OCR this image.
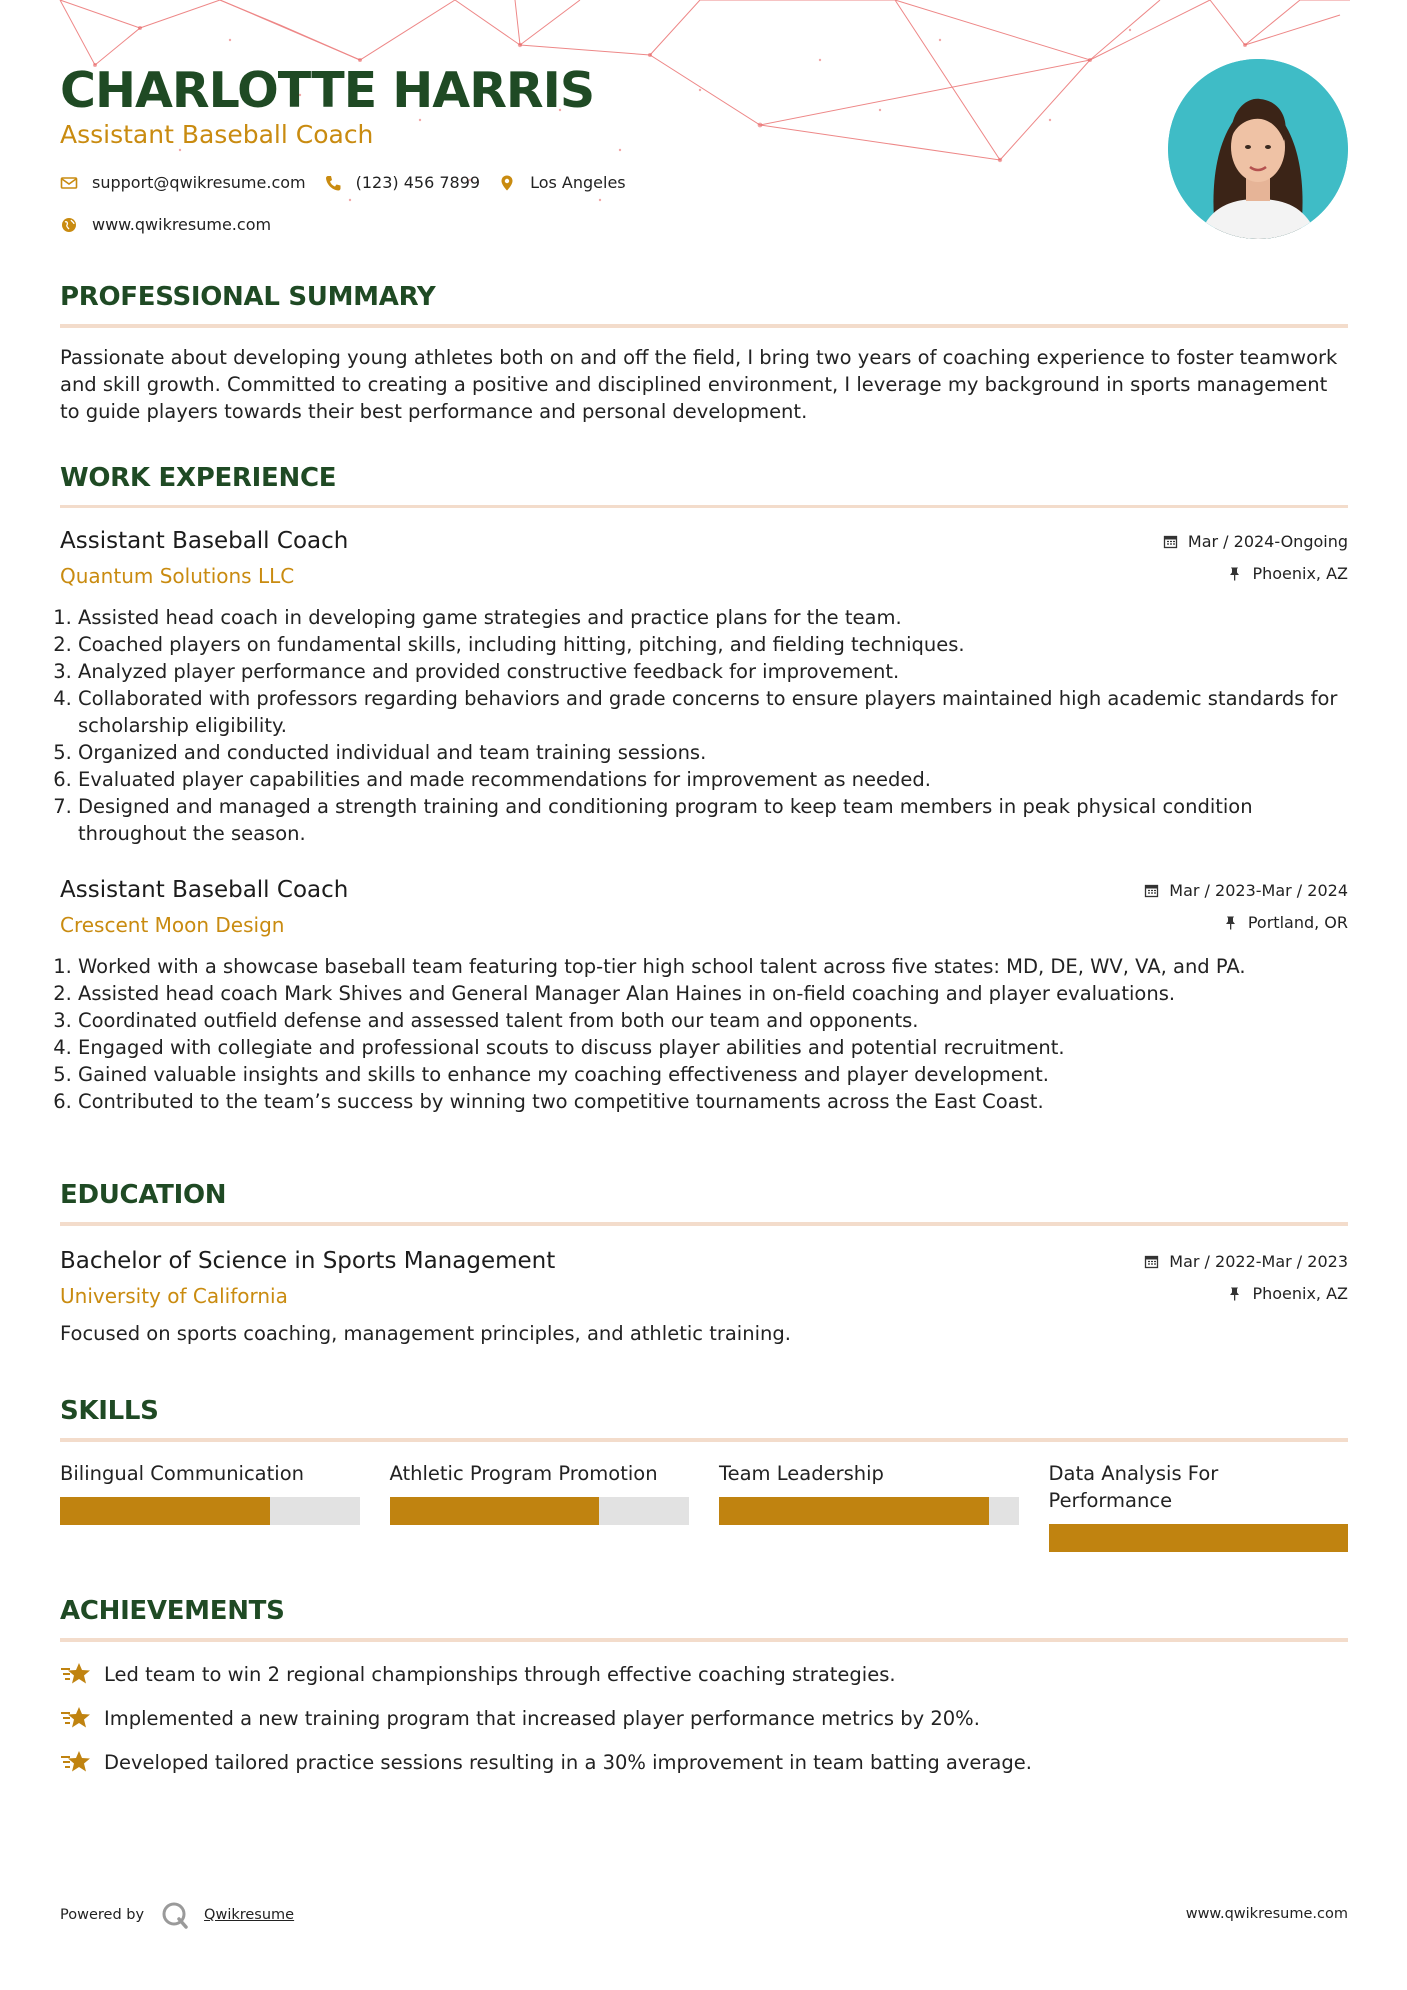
CHARLOTTE HARRIS
Assistant Baseball Coach
support@qwikresume.com	(123) 456 7899	Los Angeles
www.qwikresume.com
PROFESSIONAL SUMMARY

Passionate about developing young athletes both on and off the field, I bring two years of coaching experience to foster teamwork and skill growth. Committed to creating a positive and disciplined environment, I leverage my background in sports management to guide players towards their best performance and personal development.

WORK EXPERIENCE
Assistant Baseball Coach
Quantum Solutions LLC
Mar / 2024-Ongoing
Phoenix, AZ
1. Assisted head coach in developing game strategies and practice plans for the team.
2. Coached players on fundamental skills, including hitting, pitching, and fielding techniques.
3. Analyzed player performance and provided constructive feedback for improvement.
4. Collaborated with professors regarding behaviors and grade concerns to ensure players maintained high academic standards for scholarship eligibility.
5. Organized and conducted individual and team training sessions.
6. Evaluated player capabilities and made recommendations for improvement as needed.
7. Designed and managed a strength training and conditioning program to keep team members in peak physical condition throughout the season.
Assistant Baseball Coach
Crescent Moon Design
Mar / 2023-Mar / 2024
Portland, OR
1. Worked with a showcase baseball team featuring top-tier high school talent across five states: MD, DE, WV, VA, and PA.
2. Assisted head coach Mark Shives and General Manager Alan Haines in on-field coaching and player evaluations.
3. Coordinated outfield defense and assessed talent from both our team and opponents.
4. Engaged with collegiate and professional scouts to discuss player abilities and potential recruitment.
5. Gained valuable insights and skills to enhance my coaching effectiveness and player development.
6. Contributed to the team’s success by winning two competitive tournaments across the East Coast.
EDUCATION
Bachelor of Science in Sports Management
University of California
Mar / 2022-Mar / 2023
Phoenix, AZ

Focused on sports coaching, management principles, and athletic training.

SKILLS
Bilingual Communication	Athletic Program Promotion	Team Leadership	Data Analysis For Performance
ACHIEVEMENTS
Led team to win 2 regional championships through effective coaching strategies.
Implemented a new training program that increased player performance metrics by 20%.
Developed tailored practice sessions resulting in a 30% improvement in team batting average.
Powered by	Qwikresume	www.qwikresume.com
